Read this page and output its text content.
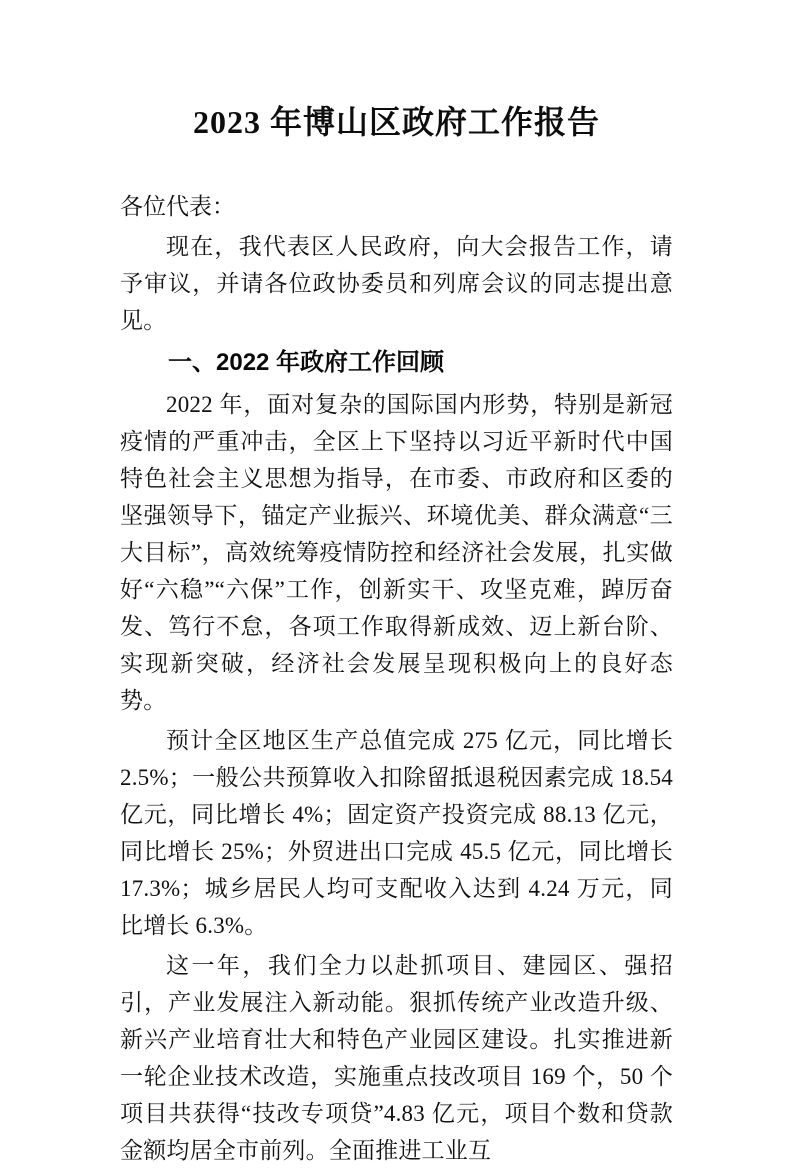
2023 年博山区政府工作报告

各位代表：

现在，我代表区人民政府，向大会报告工作，请予审议，并请各位政协委员和列席会议的同志提出意见。

一、2022 年政府工作回顾

2022 年，面对复杂的国际国内形势，特别是新冠疫情的严重冲击，全区上下坚持以习近平新时代中国特色社会主义思想为指导，在市委、市政府和区委的坚强领导下，锚定产业振兴、环境优美、群众满意“三大目标”，高效统筹疫情防控和经济社会发展，扎实做好“六稳”“六保”工作，创新实干、攻坚克难，踔厉奋发、笃行不怠，各项工作取得新成效、迈上新台阶、实现新突破，经济社会发展呈现积极向上的良好态势。

预计全区地区生产总值完成 275 亿元，同比增长 2.5%；一般公共预算收入扣除留抵退税因素完成 18.54 亿元，同比增长 4%；固定资产投资完成 88.13 亿元，同比增长 25%；外贸进出口完成 45.5 亿元，同比增长 17.3%；城乡居民人均可支配收入达到 4.24 万元，同比增长 6.3%。

这一年，我们全力以赴抓项目、建园区、强招引，产业发展注入新动能。狠抓传统产业改造升级、新兴产业培育壮大和特色产业园区建设。扎实推进新一轮企业技术改造，实施重点技改项目 169 个，50 个项目共获得“技改专项贷”4.83 亿元，项目个数和贷款金额均居全市前列。全面推进工业互
